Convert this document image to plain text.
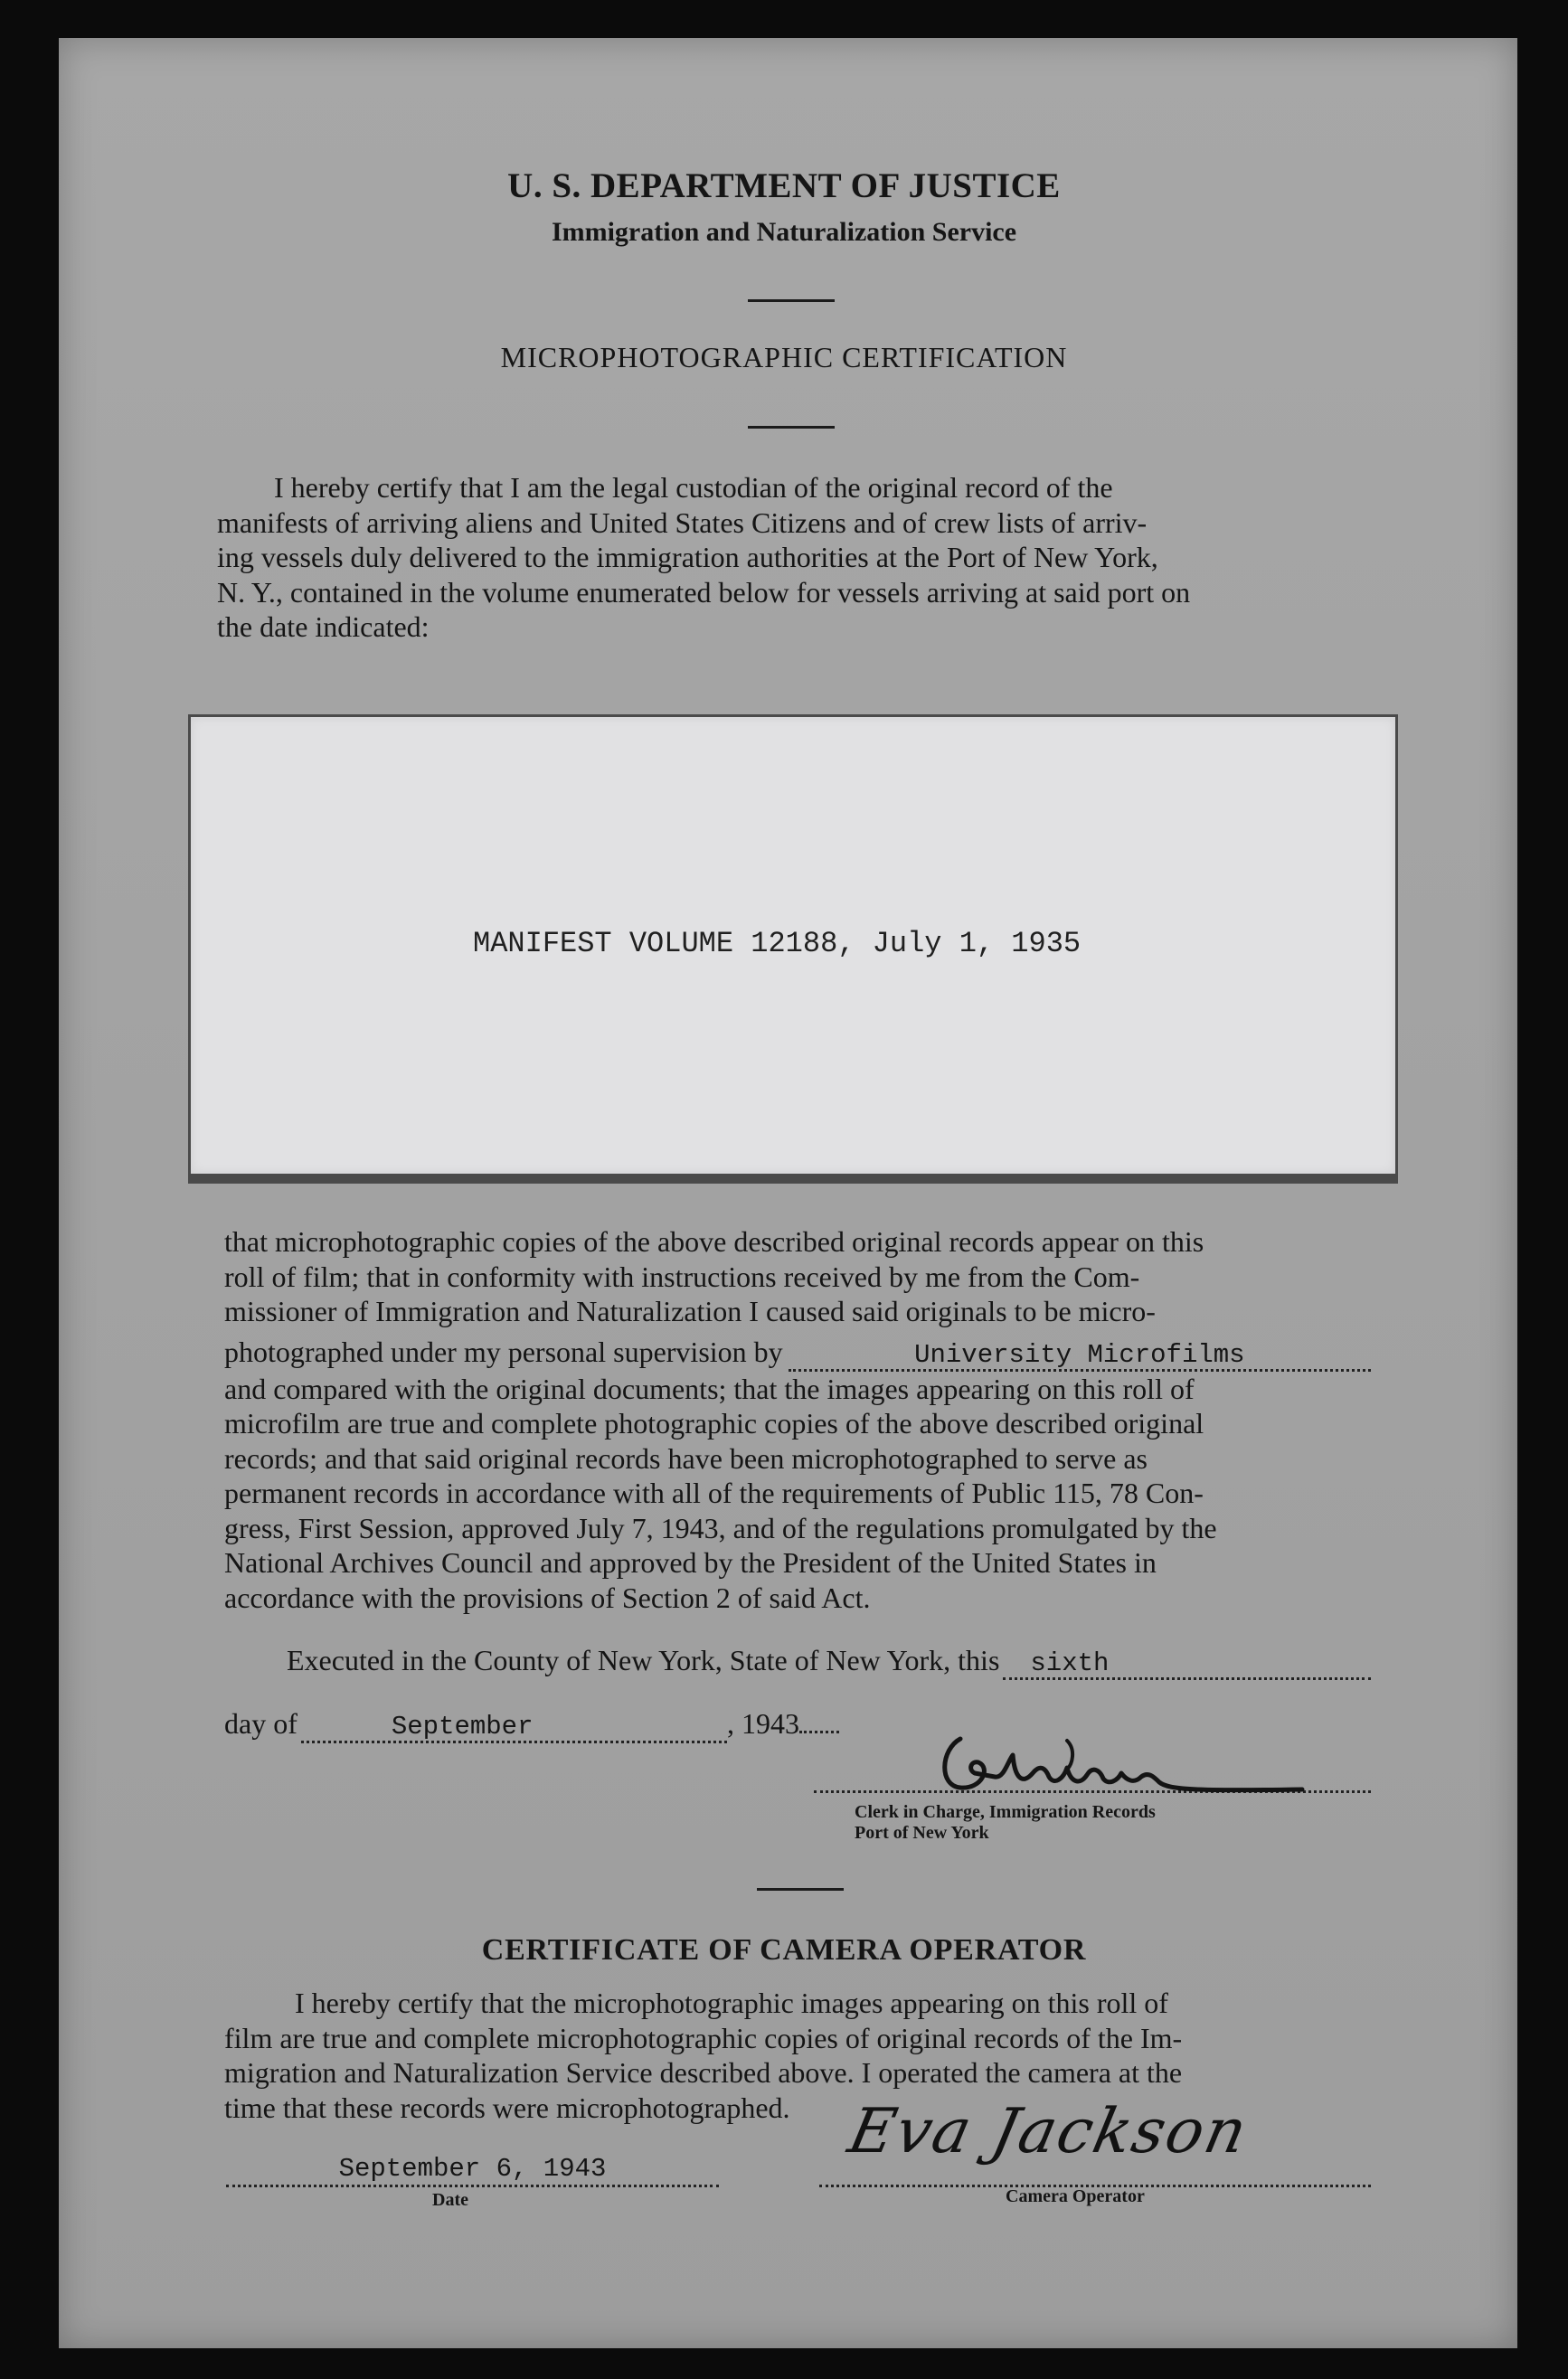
U. S. DEPARTMENT OF JUSTICE
Immigration and Naturalization Service
MICROPHOTOGRAPHIC CERTIFICATION
I hereby certify that I am the legal custodian of the original record of the
manifests of arriving aliens and United States Citizens and of crew lists of arriv-
ing vessels duly delivered to the immigration authorities at the Port of New York,
N. Y., contained in the volume enumerated below for vessels arriving at said port on
the date indicated:
MANIFEST VOLUME 12188, July 1, 1935
that microphotographic copies of the above described original records appear on this
roll of film; that in conformity with instructions received by me from the Com-
missioner of Immigration and Naturalization I caused said originals to be micro-
photographed under my personal supervision by	University Microfilms
and compared with the original documents; that the images appearing on this roll of
microfilm are true and complete photographic copies of the above described original
records; and that said original records have been microphotographed to serve as
permanent records in accordance with all of the requirements of Public 115, 78 Con-
gress, First Session, approved July 7, 1943, and of the regulations promulgated by the
National Archives Council and approved by the President of the United States in
accordance with the provisions of Section 2 of said Act.
Executed in the County of New York, State of New York, this	sixth
day of	September	, 1943
Clerk in Charge, Immigration Records
Port of New York
CERTIFICATE OF CAMERA OPERATOR
I hereby certify that the microphotographic images appearing on this roll of
film are true and complete microphotographic copies of original records of the Im-
migration and Naturalization Service described above. I operated the camera at the
time that these records were microphotographed.
September 6, 1943
Date
Eva Jackson
Camera Operator
